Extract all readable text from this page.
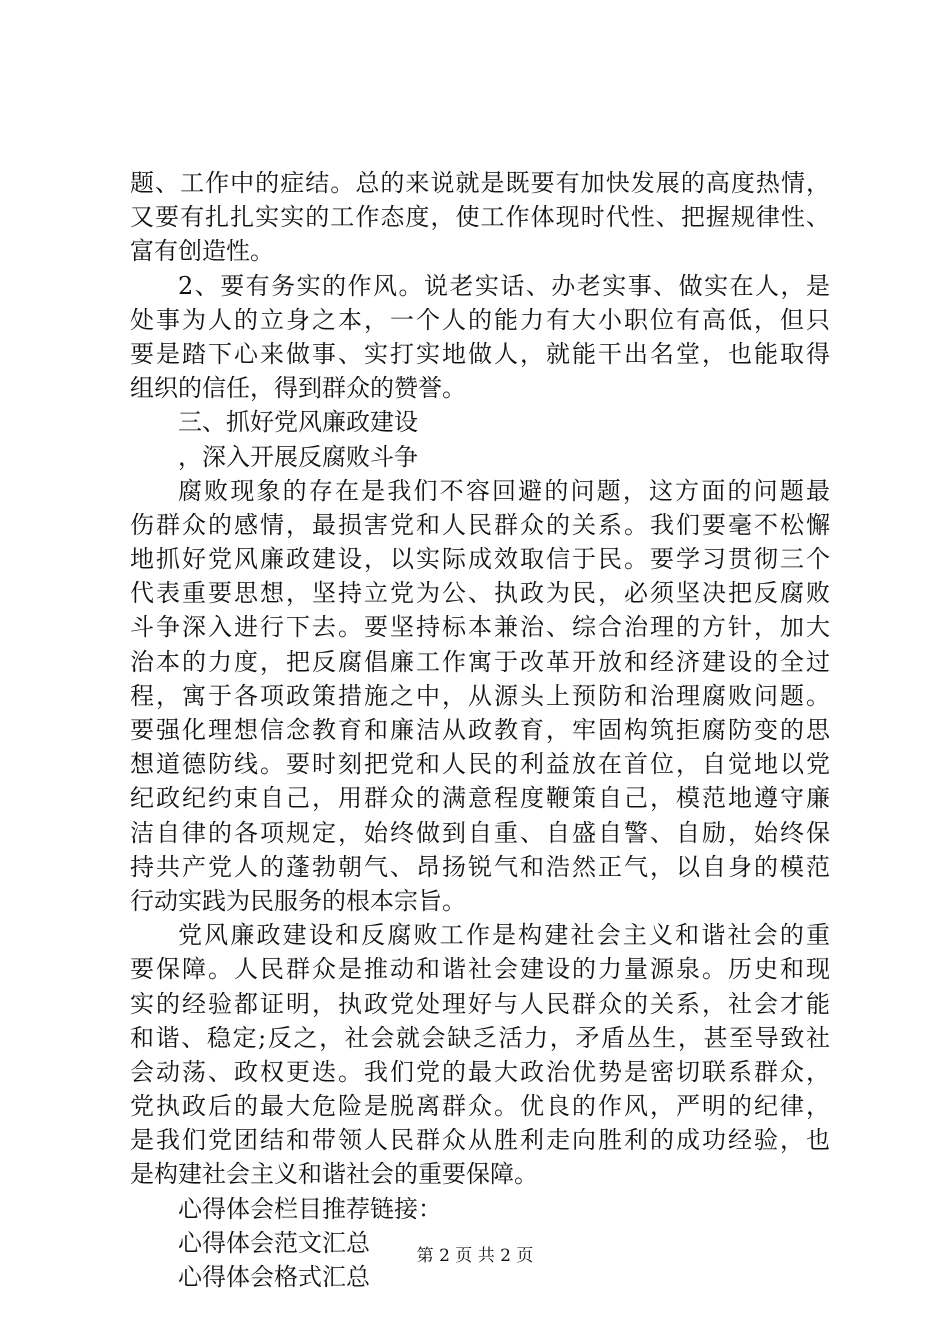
题、工作中的症结。总的来说就是既要有加快发展的高度热情，
又要有扎扎实实的工作态度，使工作体现时代性、把握规律性、
富有创造性。
2、要有务实的作风。说老实话、办老实事、做实在人，是
处事为人的立身之本，一个人的能力有大小职位有高低，但只
要是踏下心来做事、实打实地做人，就能干出名堂，也能取得
组织的信任，得到群众的赞誉。
三、抓好党风廉政建设
，深入开展反腐败斗争
腐败现象的存在是我们不容回避的问题，这方面的问题最
伤群众的感情，最损害党和人民群众的关系。我们要毫不松懈
地抓好党风廉政建设，以实际成效取信于民。要学习贯彻三个
代表重要思想，坚持立党为公、执政为民，必须坚决把反腐败
斗争深入进行下去。要坚持标本兼治、综合治理的方针，加大
治本的力度，把反腐倡廉工作寓于改革开放和经济建设的全过
程，寓于各项政策措施之中，从源头上预防和治理腐败问题。
要强化理想信念教育和廉洁从政教育，牢固构筑拒腐防变的思
想道德防线。要时刻把党和人民的利益放在首位，自觉地以党
纪政纪约束自己，用群众的满意程度鞭策自己，模范地遵守廉
洁自律的各项规定，始终做到自重、自盛自警、自励，始终保
持共产党人的蓬勃朝气、昂扬锐气和浩然正气，以自身的模范
行动实践为民服务的根本宗旨。
党风廉政建设和反腐败工作是构建社会主义和谐社会的重
要保障。人民群众是推动和谐社会建设的力量源泉。历史和现
实的经验都证明，执政党处理好与人民群众的关系，社会才能
和谐、稳定;反之，社会就会缺乏活力，矛盾丛生，甚至导致社
会动荡、政权更迭。我们党的最大政治优势是密切联系群众，
党执政后的最大危险是脱离群众。优良的作风，严明的纪律，
是我们党团结和带领人民群众从胜利走向胜利的成功经验，也
是构建社会主义和谐社会的重要保障。
心得体会栏目推荐链接：
心得体会范文汇总
心得体会格式汇总
第 2 页 共 2 页
